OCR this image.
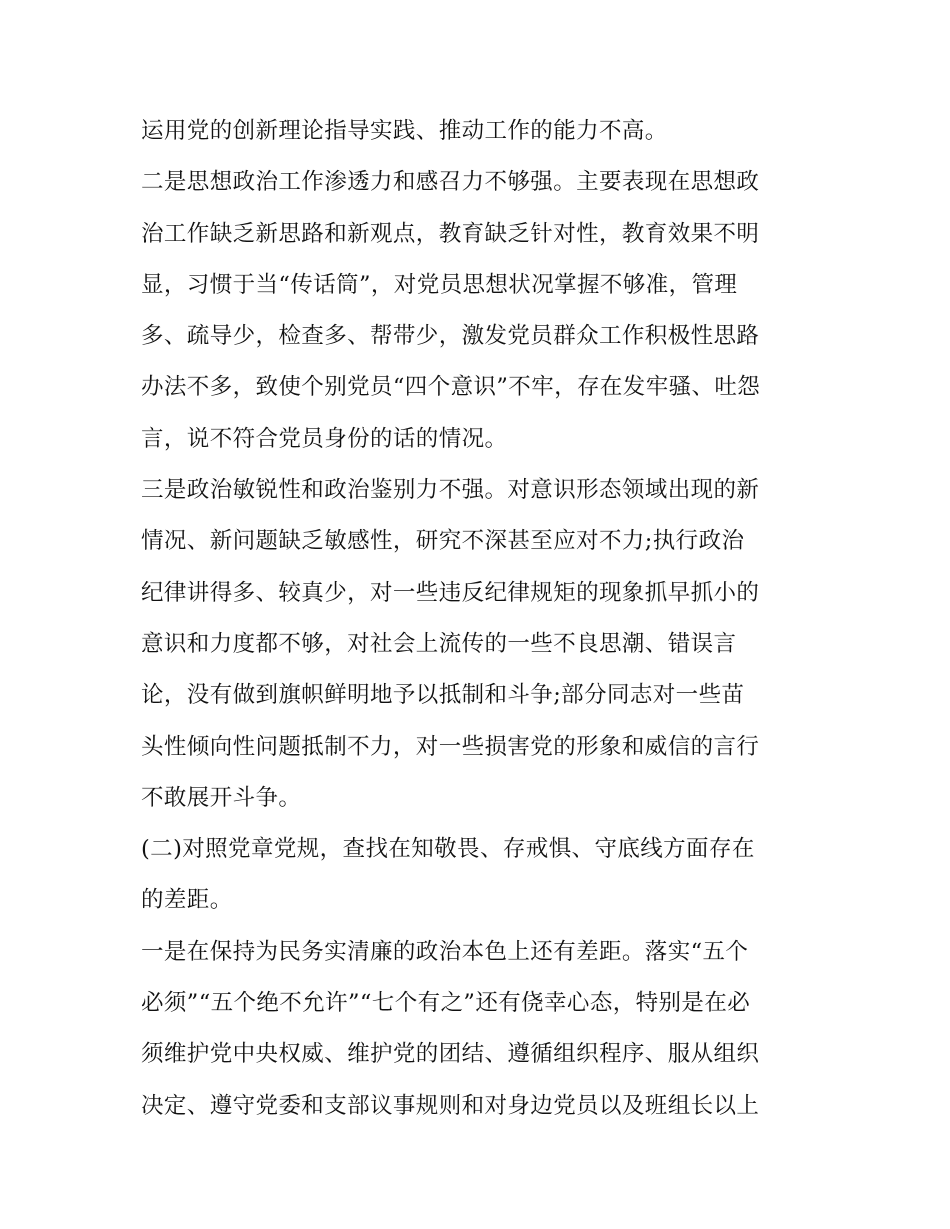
运用党的创新理论指导实践、推动工作的能力不高。
二是思想政治工作渗透力和感召力不够强。主要表现在思想政
治工作缺乏新思路和新观点，教育缺乏针对性，教育效果不明
显，习惯于当“传话筒”，对党员思想状况掌握不够准，管理
多、疏导少，检查多、帮带少，激发党员群众工作积极性思路
办法不多，致使个别党员“四个意识”不牢，存在发牢骚、吐怨
言，说不符合党员身份的话的情况。
三是政治敏锐性和政治鉴别力不强。对意识形态领域出现的新
情况、新问题缺乏敏感性，研究不深甚至应对不力;执行政治
纪律讲得多、较真少，对一些违反纪律规矩的现象抓早抓小的
意识和力度都不够，对社会上流传的一些不良思潮、错误言
论，没有做到旗帜鲜明地予以抵制和斗争;部分同志对一些苗
头性倾向性问题抵制不力，对一些损害党的形象和威信的言行
不敢展开斗争。
(二)对照党章党规，查找在知敬畏、存戒惧、守底线方面存在
的差距。
一是在保持为民务实清廉的政治本色上还有差距。落实“五个
必须”“五个绝不允许”“七个有之”还有侥幸心态，特别是在必
须维护党中央权威、维护党的团结、遵循组织程序、服从组织
决定、遵守党委和支部议事规则和对身边党员以及班组长以上
